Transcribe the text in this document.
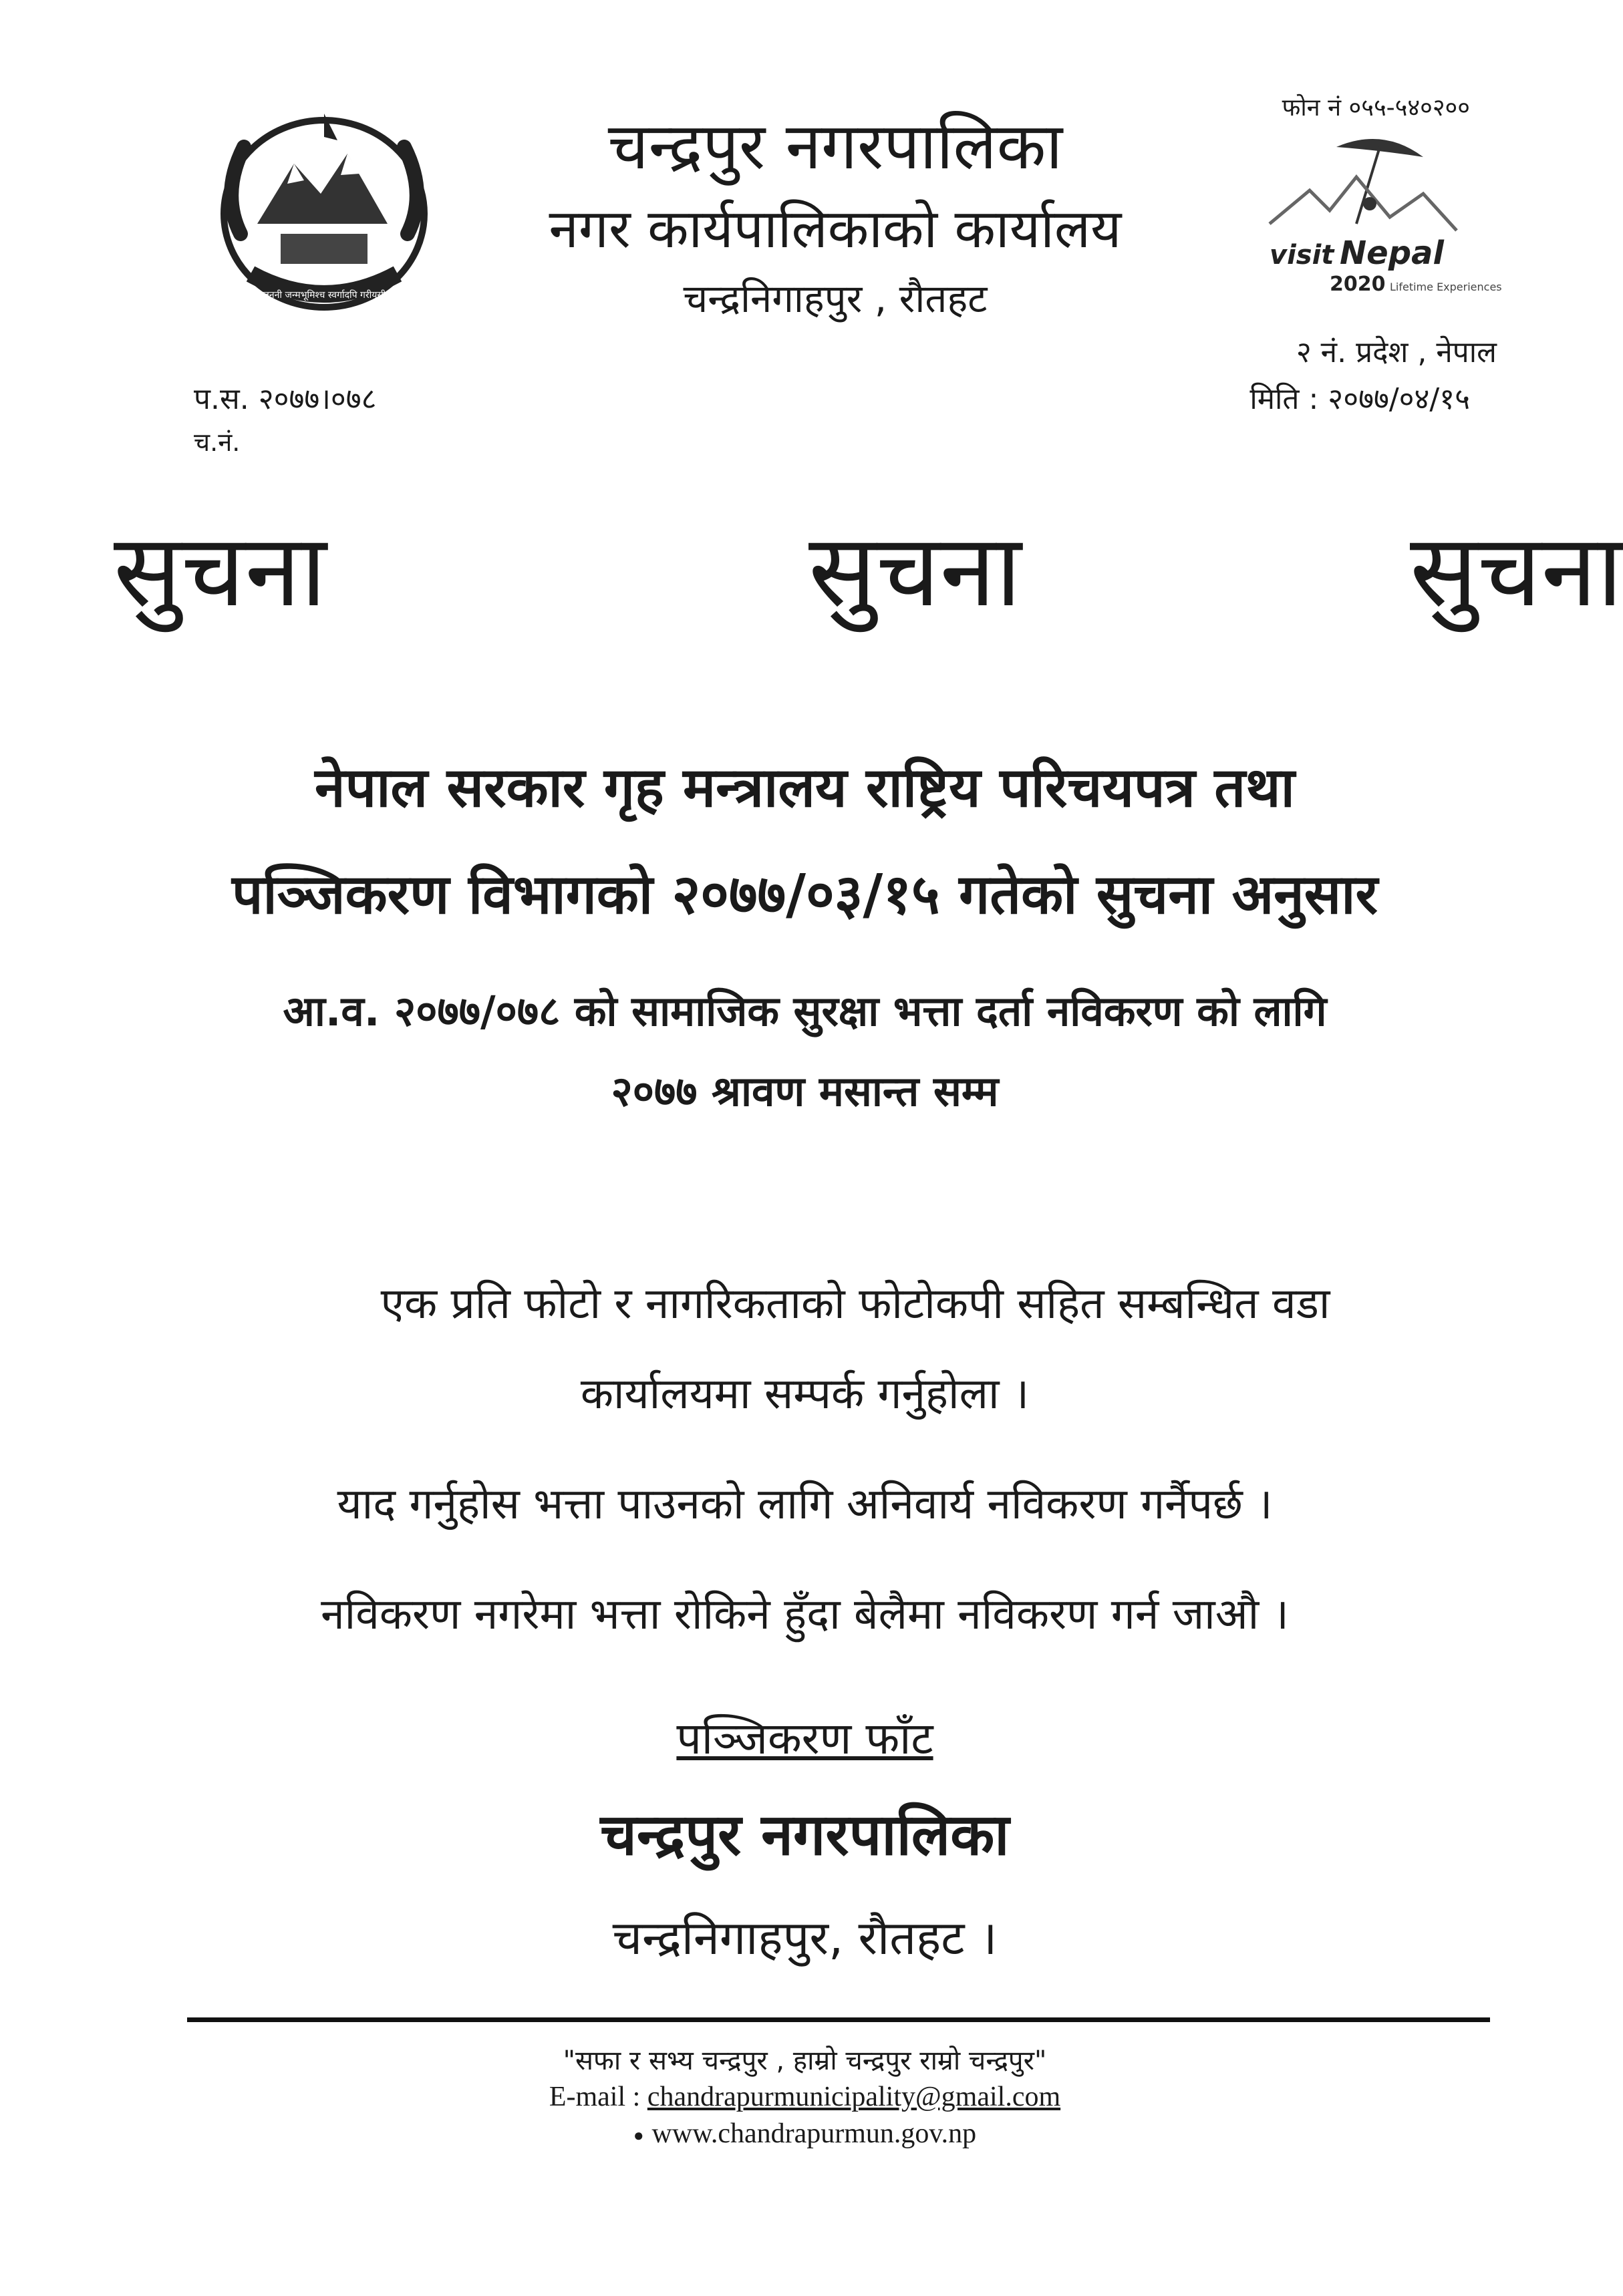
जननी जन्मभूमिश्च स्वर्गादपि गरीयसी
चन्द्रपुर नगरपालिका
नगर कार्यपालिकाको कार्यालय
चन्द्रनिगाहपुर , रौतहट
फोन नं ०५५-५४०२००
visit Nepal
2020 Lifetime Experiences
२ नं. प्रदेश , नेपाल
मिति : २०७७/०४/१५
प.स. २०७७।०७८
च.नं.
सुचना	सुचना	सुचना
नेपाल सरकार गृह मन्त्रालय राष्ट्रिय परिचयपत्र तथा
पञ्जिकरण विभागको २०७७/०३/१५ गतेको सुचना अनुसार
आ.व. २०७७/०७८ को सामाजिक सुरक्षा भत्ता दर्ता नविकरण को लागि
२०७७ श्रावण मसान्त सम्म
एक प्रति फोटो र नागरिकताको फोटोकपी सहित सम्बन्धित वडा
कार्यालयमा सम्पर्क गर्नुहोला ।
याद गर्नुहोस भत्ता पाउनको लागि अनिवार्य नविकरण गर्नैपर्छ ।
नविकरण नगरेमा भत्ता रोकिने हुँदा बेलैमा नविकरण गर्न जाऔ ।
पञ्जिकरण फाँट
चन्द्रपुर नगरपालिका
चन्द्रनिगाहपुर, रौतहट ।
"सफा र सभ्य चन्द्रपुर , हाम्रो चन्द्रपुर राम्रो चन्द्रपुर"
E-mail : chandrapurmunicipality@gmail.com
● www.chandrapurmun.gov.np
